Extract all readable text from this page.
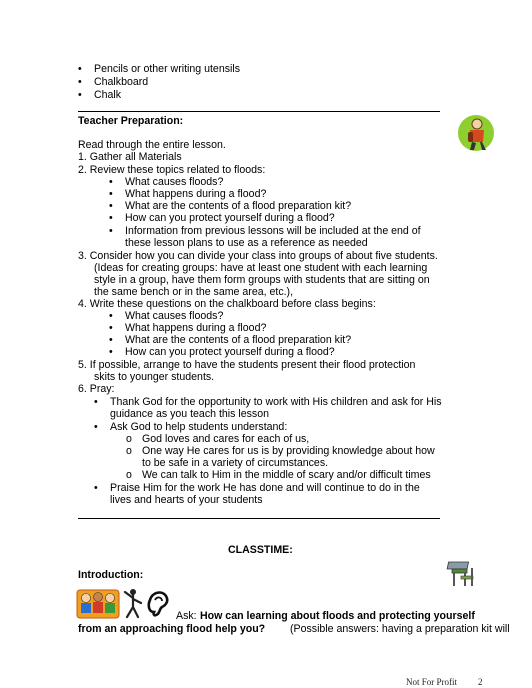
• Pencils or other writing utensils
• Chalkboard
• Chalk
Teacher Preparation:
Read through the entire lesson.
1. Gather all Materials
2. Review these topics related to floods:
• What causes floods?
• What happens during a flood?
• What are the contents of a flood preparation kit?
• How can you protect yourself during a flood?
• Information from previous lessons will be included at the end of
these lesson plans to use as a reference as needed
3. Consider how you can divide your class into groups of about five students.
(Ideas for creating groups: have at least one student with each learning
style in a group, have them form groups with students that are sitting on
the same bench or in the same area, etc.),
4. Write these questions on the chalkboard before class begins:
• What causes floods?
• What happens during a flood?
• What are the contents of a flood preparation kit?
• How can you protect yourself during a flood?
5. If possible, arrange to have the students present their flood protection
skits to younger students.
6. Pray:
• Thank God for the opportunity to work with His children and ask for His
guidance as you teach this lesson
• Ask God to help students understand:
o God loves and cares for each of us,
o One way He cares for us is by providing knowledge about how
to be safe in a variety of circumstances.
o We can talk to Him in the middle of scary and/or difficult times
• Praise Him for the work He has done and will continue to do in the
lives and hearts of your students
CLASSTIME:
Introduction:
Ask: How can learning about floods and protecting yourself
from an approaching flood help you? (Possible answers: having a preparation kit will
Not For Profit 2
